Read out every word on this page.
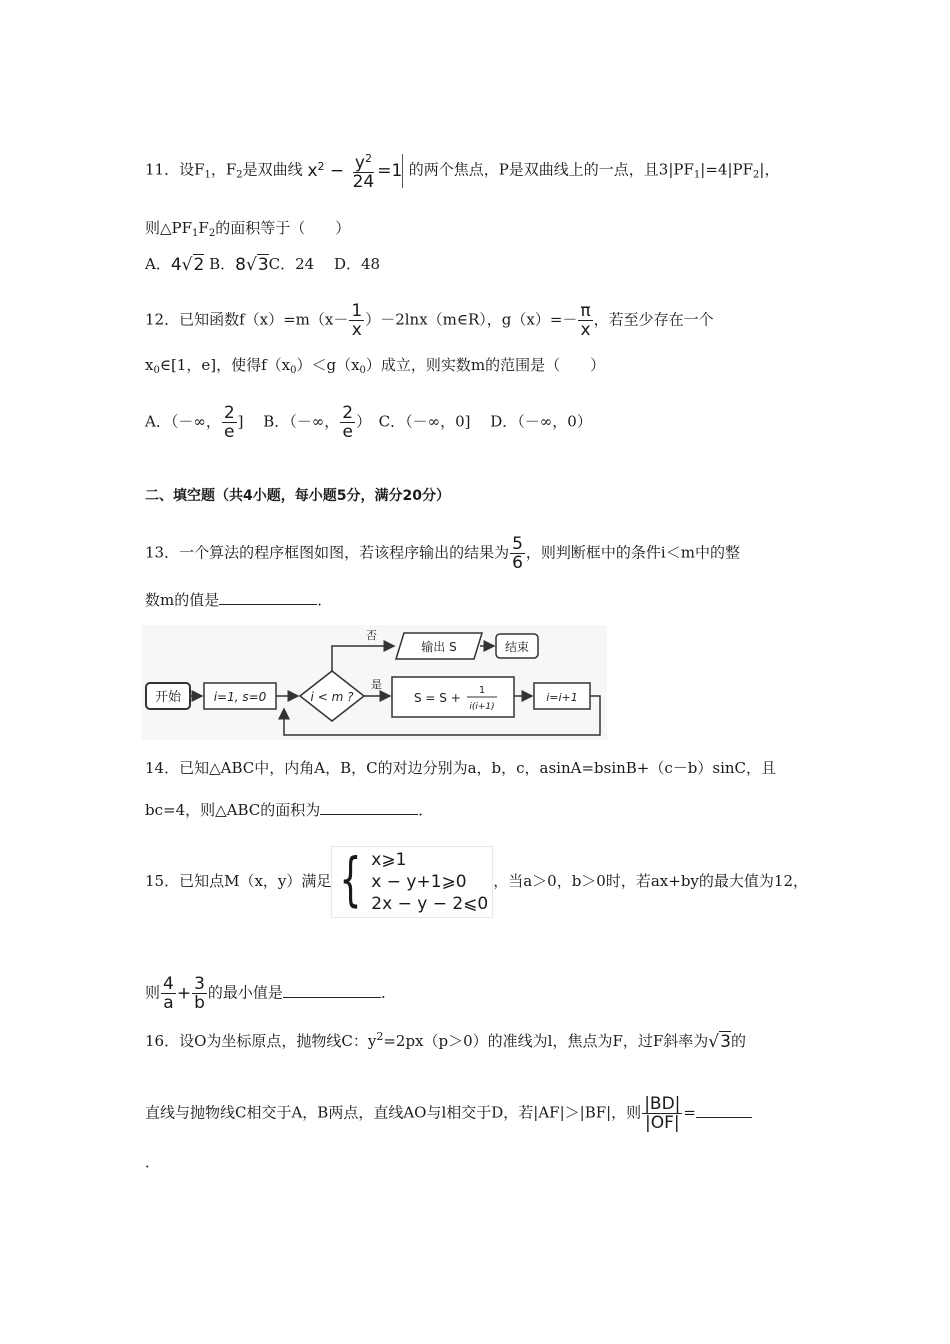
11．设$F_1$，$F_2$是双曲线 $x^2 - \frac{y^2}{24} =1$ 的两个焦点，P是双曲线上的一点，且$3|PF_1|=4|PF_2|$，
则$\triangle PF_1F_2$的面积等于（　　）
A．4√2 B．8√3C．24　 D．48
12．已知函数$f(x)=m(x- \frac{1}{x}$ ）－2lnx（m∈R），$g(x)=- \frac{\pi}{x}$ ，若至少存在一个
$x_0\in[1$，e]，使得$f(x_0)<g(x_0)$成立，则实数m的范围是（　　）
A．（－∞， $\frac{2}{e}$ ]　 B．（－∞， $\frac{2}{e}$ ）　C．（－∞，0]　 D．（－∞，0）
二、填空题（共4小题，每小题5分，满分20分）
13．一个算法的程序框图如图，若该程序输出的结果为 $\frac{5}{6}$ ，则判断框中的条件i＜m中的整
数m的值是	．
开始	i=1, s=0	i < m ?
否
输出 S	结束
是
S = S +
1
i(i+1)
i=i+1
14．已知△ABC中，内角A，B，C的对边分别为a，b，c，asinA=bsinB+（c－b）sinC，且
bc=4，则△ABC的面积为	．
15．已知点M（x，y）满足 { x⩾1
x − y+1⩾0
2x − y − 2⩽0
，当a＞0，b＞0时，若ax+by的最大值为12，
则 $\frac{4}{a} + \frac{3}{b}$ 的最小值是	．
16．设O为坐标原点，抛物线C：$y^2=2px(p>0)$的准线为l，焦点为F，过F斜率为√3的
直线与抛物线C相交于A，B两点，直线AO与l相交于D，若|AF|＞|BF|，则 $\frac{|BD|}{|OF|}$ =
．
